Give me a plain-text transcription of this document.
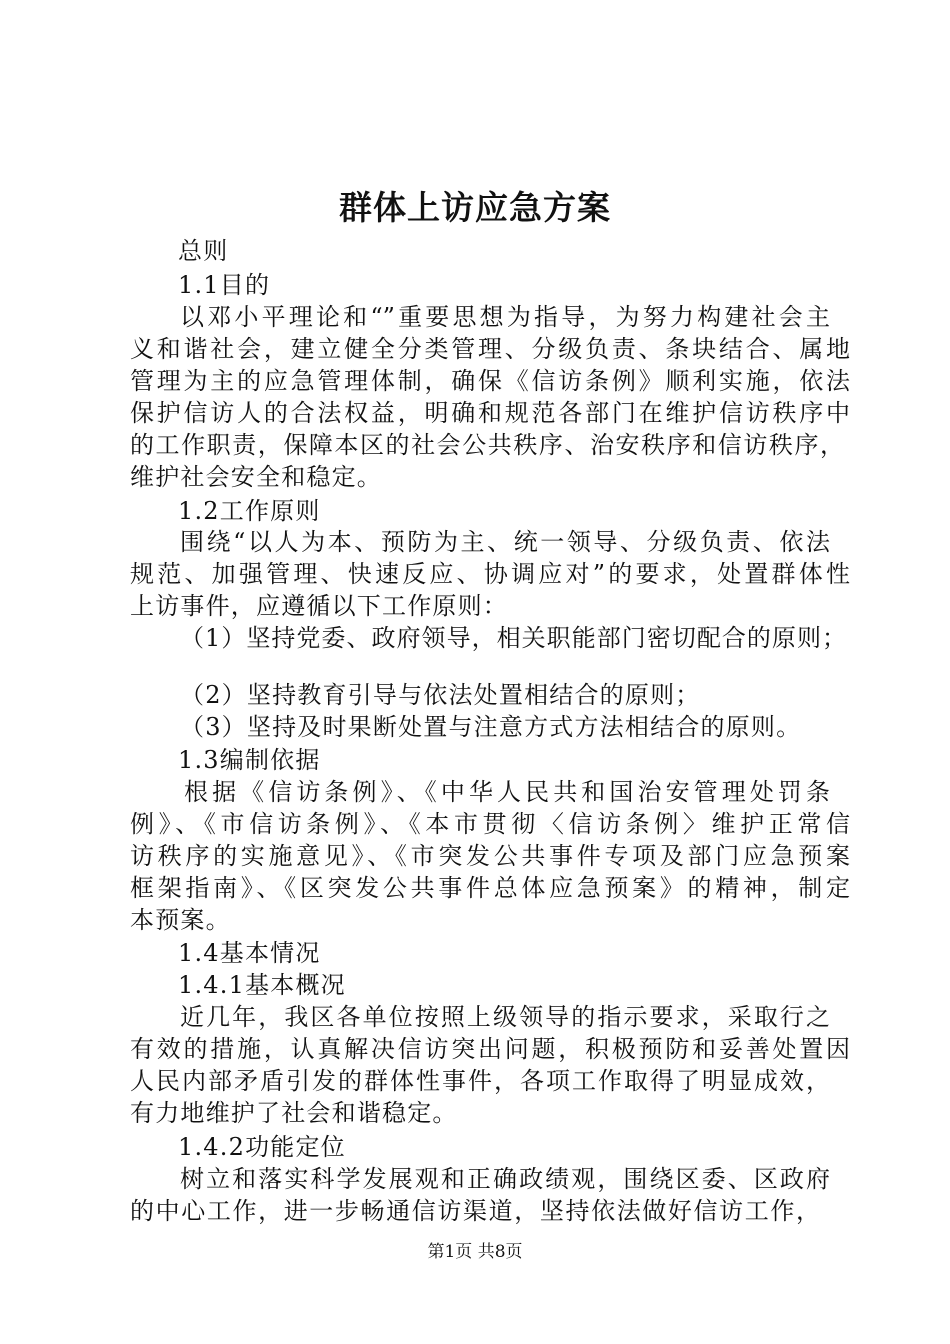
群体上访应急方案
总则
1.1目的
以邓小平理论和“”重要思想为指导，为努力构建社会主
义和谐社会，建立健全分类管理、分级负责、条块结合、属地
管理为主的应急管理体制，确保《信访条例》顺利实施，依法
保护信访人的合法权益，明确和规范各部门在维护信访秩序中
的工作职责，保障本区的社会公共秩序、治安秩序和信访秩序，
维护社会安全和稳定。
1.2工作原则
围绕“以人为本、预防为主、统一领导、分级负责、依法
规范、加强管理、快速反应、协调应对”的要求，处置群体性
上访事件，应遵循以下工作原则：
（1）坚持党委、政府领导，相关职能部门密切配合的原则；
（2）坚持教育引导与依法处置相结合的原则；
（3）坚持及时果断处置与注意方式方法相结合的原则。
1.3编制依据
根据《信访条例》、《中华人民共和国治安管理处罚条
例》、《市信访条例》、《本市贯彻〈信访条例〉维护正常信
访秩序的实施意见》、《市突发公共事件专项及部门应急预案
框架指南》、《区突发公共事件总体应急预案》的精神，制定
本预案。
1.4基本情况
1.4.1基本概况
近几年，我区各单位按照上级领导的指示要求，采取行之
有效的措施，认真解决信访突出问题，积极预防和妥善处置因
人民内部矛盾引发的群体性事件，各项工作取得了明显成效，
有力地维护了社会和谐稳定。
1.4.2功能定位
树立和落实科学发展观和正确政绩观，围绕区委、区政府
的中心工作，进一步畅通信访渠道，坚持依法做好信访工作，
第1页 共8页
